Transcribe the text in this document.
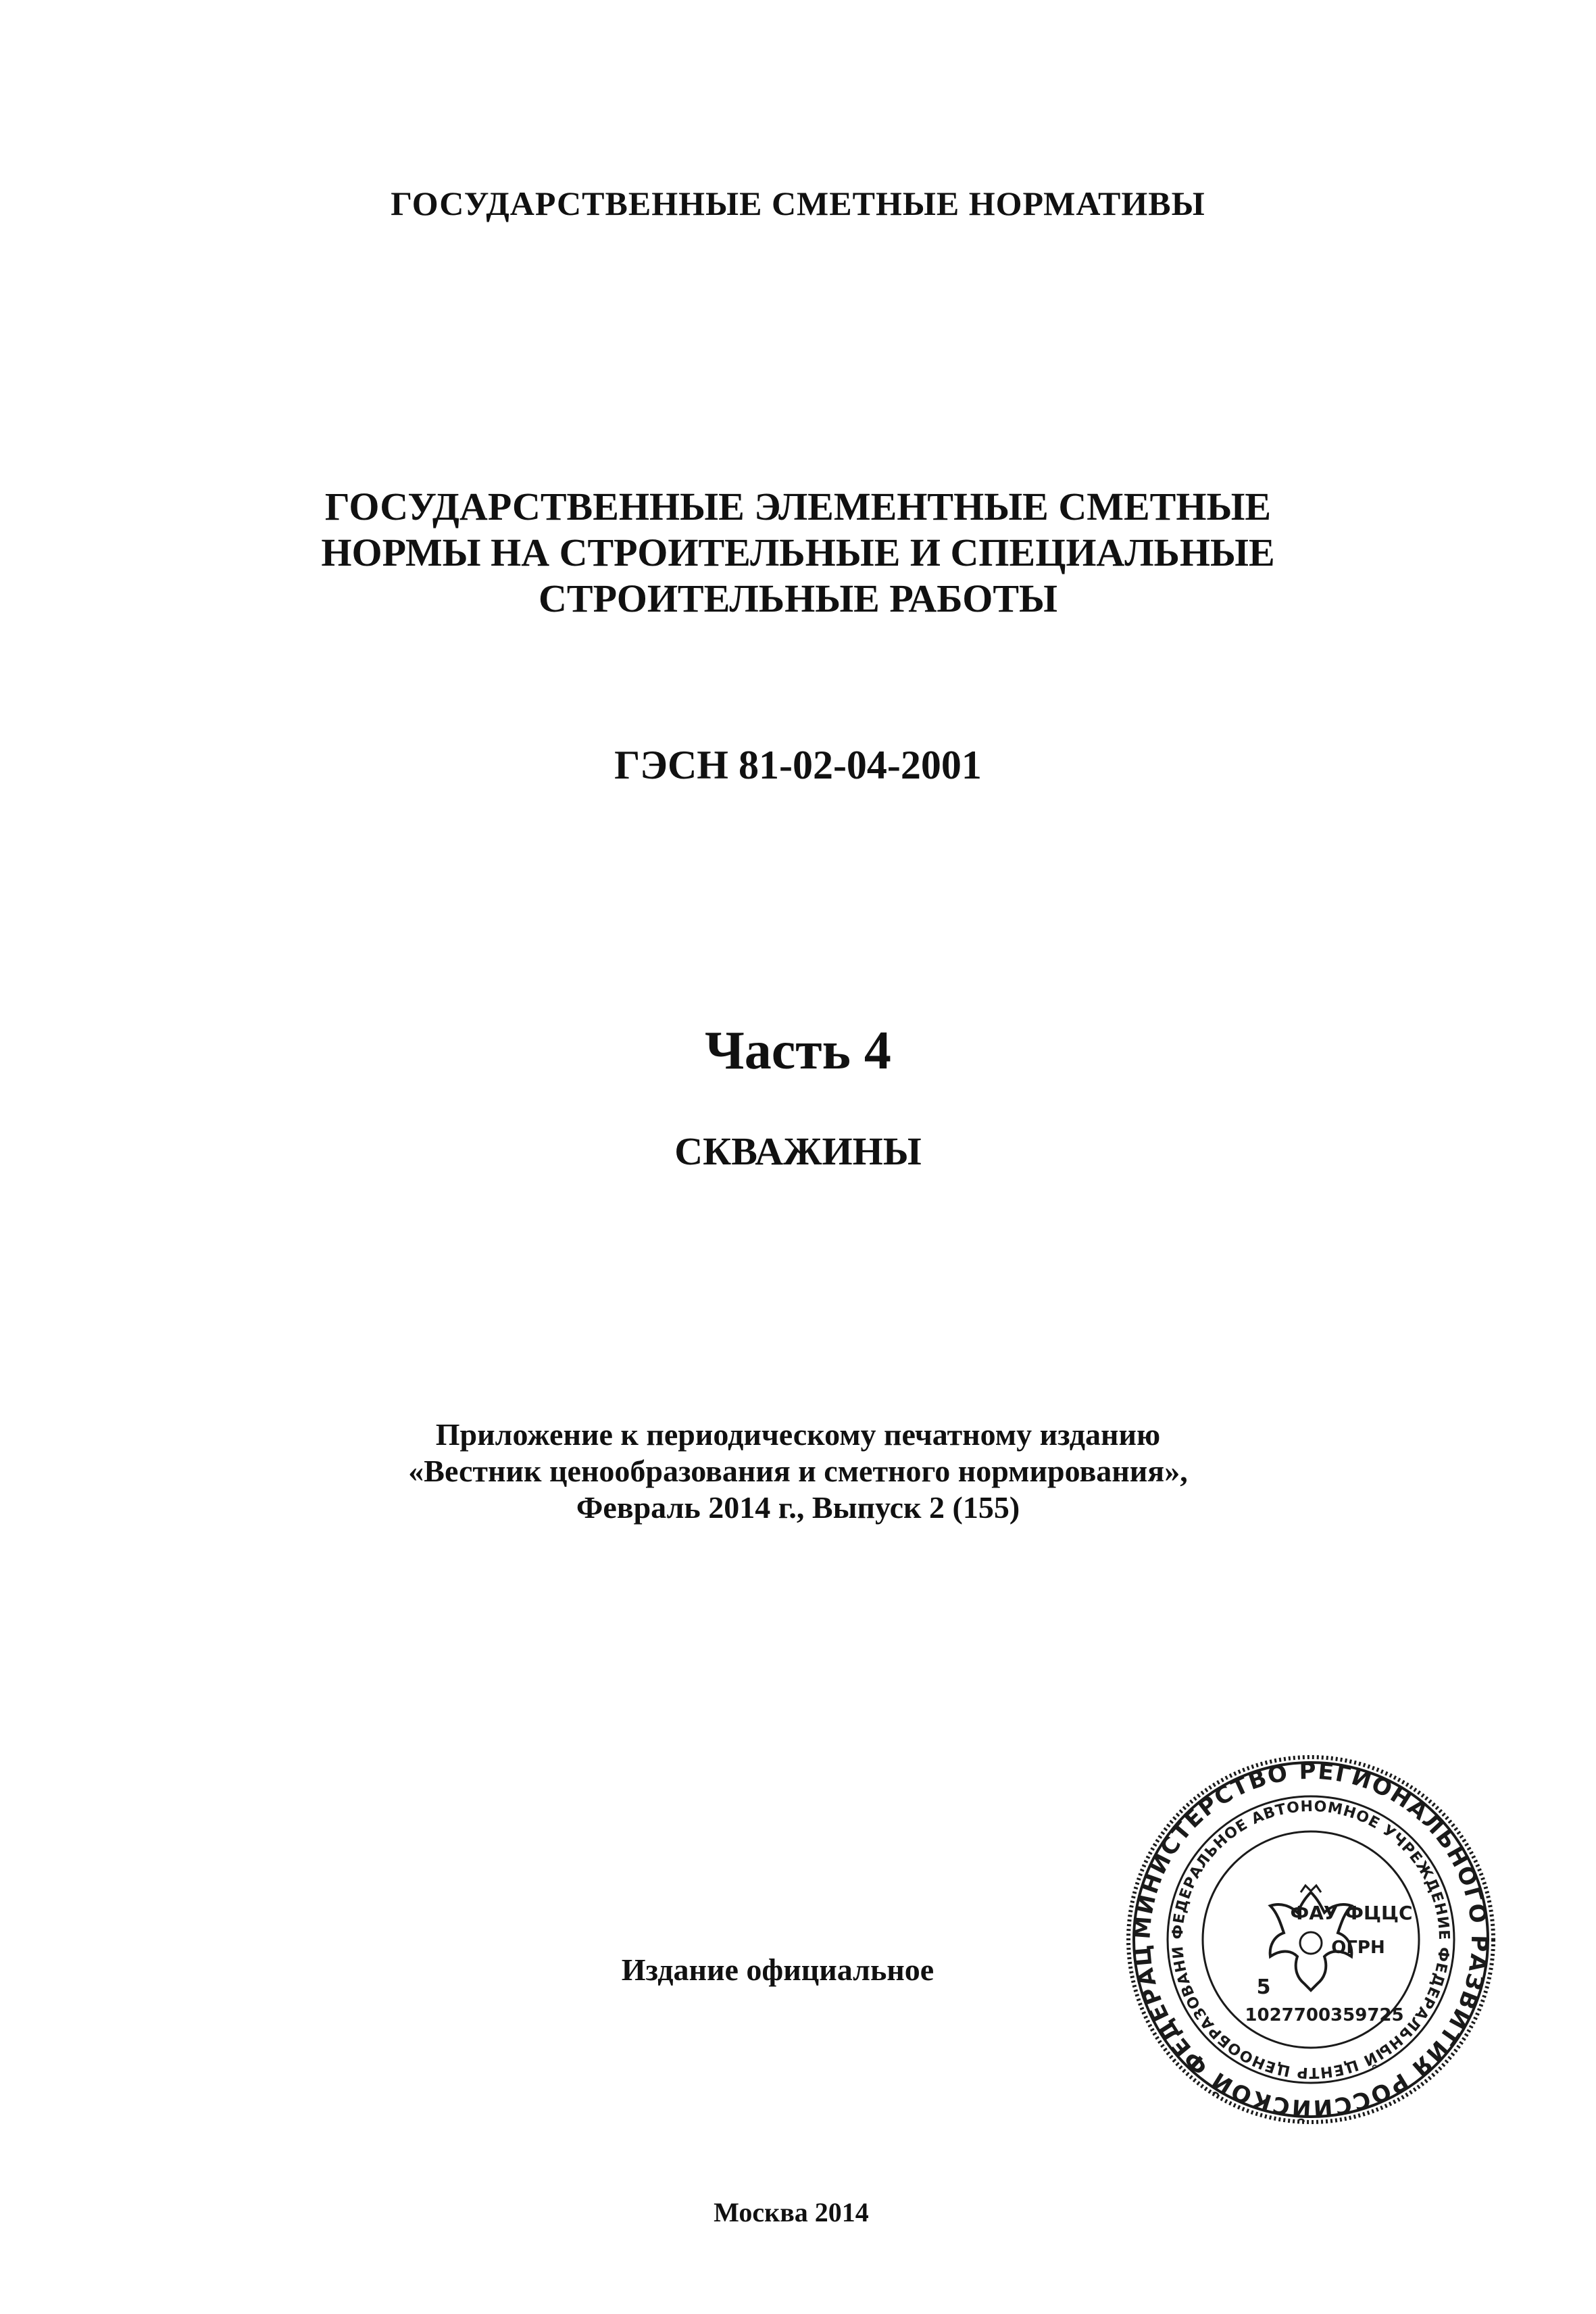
ГОСУДАРСТВЕННЫЕ СМЕТНЫЕ НОРМАТИВЫ
ГОСУДАРСТВЕННЫЕ ЭЛЕМЕНТНЫЕ СМЕТНЫЕ
НОРМЫ НА СТРОИТЕЛЬНЫЕ И СПЕЦИАЛЬНЫЕ
СТРОИТЕЛЬНЫЕ РАБОТЫ
ГЭСН 81-02-04-2001
Часть 4
СКВАЖИНЫ
Приложение к периодическому печатному изданию
«Вестник ценообразования и сметного нормирования»,
Февраль 2014 г., Выпуск 2 (155)
Издание официальное
Москва 2014
МИНИСТЕРСТВО РЕГИОНАЛЬНОГО РАЗВИТИЯ РОССИЙСКОЙ ФЕДЕРАЦ
ФЕДЕРАЛЬНОЕ АВТОНОМНОЕ УЧРЕЖДЕНИЕ ФЕДЕРАЛЬНЫЙ ЦЕНТР ЦЕНООБРАЗОВАНИ
ФАУ ФЦЦС
ОГРН
1027700359725
5
